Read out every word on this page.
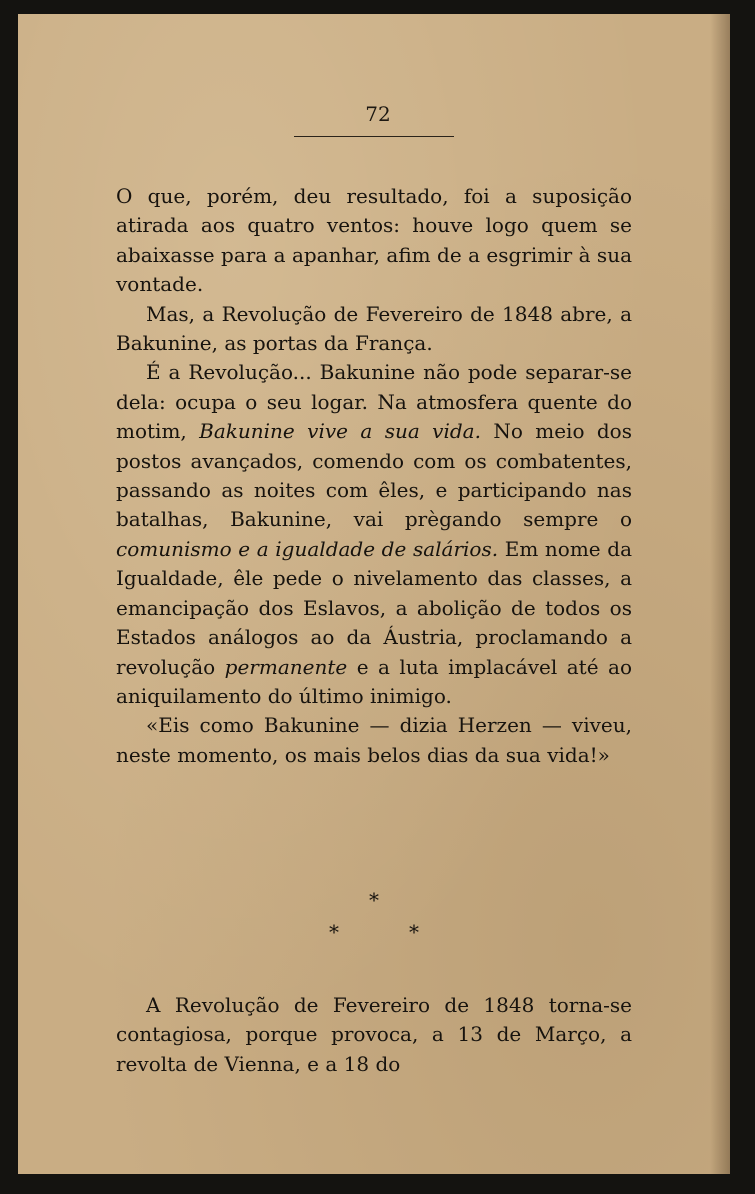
72

O que, porém, deu resultado, foi a suposição atirada aos quatro ventos: houve logo quem se abaixasse para a apanhar, afim de a esgrimir à sua vontade.

Mas, a Revolução de Fevereiro de 1848 abre, a Bakunine, as portas da França.

É a Revolução... Bakunine não pode separar-se dela: ocupa o seu logar. Na atmosfera quente do motim, Bakunine vive a sua vida. No meio dos postos avançados, comendo com os combatentes, passando as noites com êles, e participando nas batalhas, Bakunine, vai prègando sempre o comunismo e a igualdade de salários. Em nome da Igualdade, êle pede o nivelamento das classes, a emancipação dos Eslavos, a abolição de todos os Estados análogos ao da Áustria, proclamando a revolução permanente e a luta implacável até ao aniquilamento do último inimigo.

«Eis como Bakunine — dizia Herzen — viveu, neste momento, os mais belos dias da sua vida!»

*
*	*

A Revolução de Fevereiro de 1848 torna-se contagiosa, porque provoca, a 13 de Março, a revolta de Vienna, e a 18 do
